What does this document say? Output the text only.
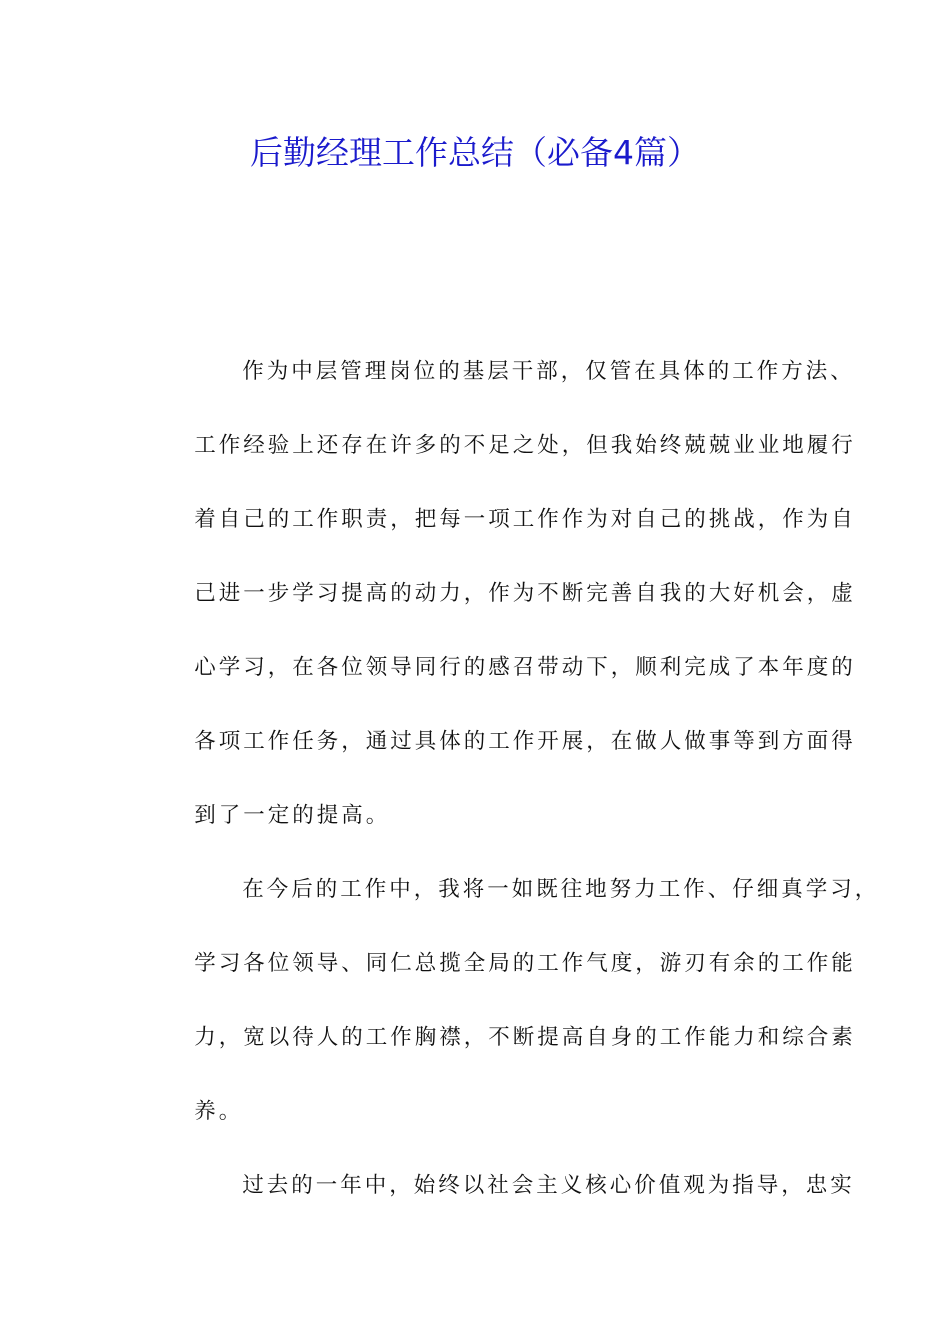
后勤经理工作总结（必备4篇）
作为中层管理岗位的基层干部，仅管在具体的工作方法、
工作经验上还存在许多的不足之处，但我始终兢兢业业地履行
着自己的工作职责，把每一项工作作为对自己的挑战，作为自
己进一步学习提高的动力，作为不断完善自我的大好机会，虚
心学习，在各位领导同行的感召带动下，顺利完成了本年度的
各项工作任务，通过具体的工作开展，在做人做事等到方面得
到了一定的提高。
在今后的工作中，我将一如既往地努力工作、仔细真学习，
学习各位领导、同仁总揽全局的工作气度，游刃有余的工作能
力，宽以待人的工作胸襟，不断提高自身的工作能力和综合素
养。
过去的一年中，始终以社会主义核心价值观为指导，忠实
